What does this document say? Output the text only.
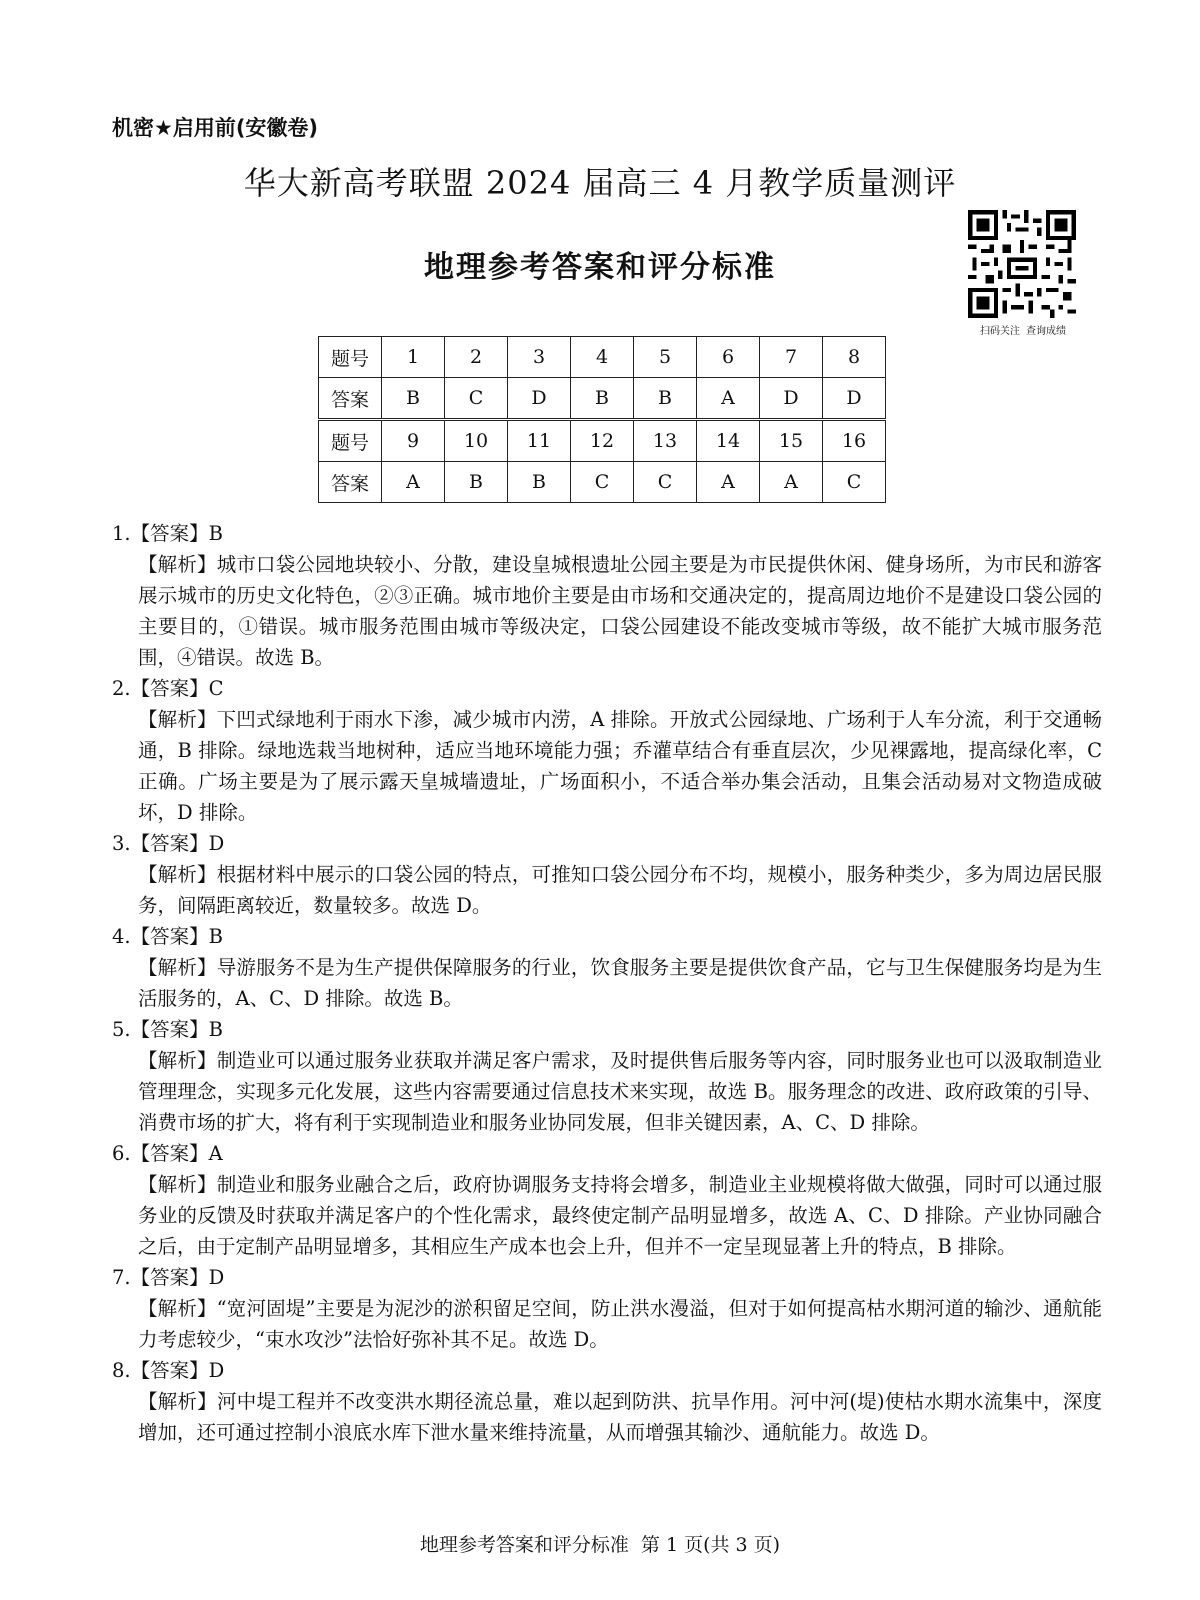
机密★启用前(安徽卷)
华大新高考联盟 2024 届高三 4 月教学质量测评
地理参考答案和评分标准
扫码关注 查询成绩
题号	1	2	3	4	5	6	7	8
答案	B	C	D	B	B	A	D	D
题号	9	10	11	12	13	14	15	16
答案	A	B	B	C	C	A	A	C
1.【答案】B
【解析】城市口袋公园地块较小、分散，建设皇城根遗址公园主要是为市民提供休闲、健身场所，为市民和游客展示城市的历史文化特色，②③正确。城市地价主要是由市场和交通决定的，提高周边地价不是建设口袋公园的主要目的，①错误。城市服务范围由城市等级决定，口袋公园建设不能改变城市等级，故不能扩大城市服务范围，④错误。故选 B。
2.【答案】C
【解析】下凹式绿地利于雨水下渗，减少城市内涝，A 排除。开放式公园绿地、广场利于人车分流，利于交通畅通，B 排除。绿地选栽当地树种，适应当地环境能力强；乔灌草结合有垂直层次，少见裸露地，提高绿化率，C 正确。广场主要是为了展示露天皇城墙遗址，广场面积小，不适合举办集会活动，且集会活动易对文物造成破坏，D 排除。
3.【答案】D
【解析】根据材料中展示的口袋公园的特点，可推知口袋公园分布不均，规模小，服务种类少，多为周边居民服务，间隔距离较近，数量较多。故选 D。
4.【答案】B
【解析】导游服务不是为生产提供保障服务的行业，饮食服务主要是提供饮食产品，它与卫生保健服务均是为生活服务的，A、C、D 排除。故选 B。
5.【答案】B
【解析】制造业可以通过服务业获取并满足客户需求，及时提供售后服务等内容，同时服务业也可以汲取制造业管理理念，实现多元化发展，这些内容需要通过信息技术来实现，故选 B。服务理念的改进、政府政策的引导、消费市场的扩大，将有利于实现制造业和服务业协同发展，但非关键因素，A、C、D 排除。
6.【答案】A
【解析】制造业和服务业融合之后，政府协调服务支持将会增多，制造业主业规模将做大做强，同时可以通过服务业的反馈及时获取并满足客户的个性化需求，最终使定制产品明显增多，故选 A、C、D 排除。产业协同融合之后，由于定制产品明显增多，其相应生产成本也会上升，但并不一定呈现显著上升的特点，B 排除。
7.【答案】D
【解析】“宽河固堤”主要是为泥沙的淤积留足空间，防止洪水漫溢，但对于如何提高枯水期河道的输沙、通航能力考虑较少，“束水攻沙”法恰好弥补其不足。故选 D。
8.【答案】D
【解析】河中堤工程并不改变洪水期径流总量，难以起到防洪、抗旱作用。河中河(堤)使枯水期水流集中，深度增加，还可通过控制小浪底水库下泄水量来维持流量，从而增强其输沙、通航能力。故选 D。
地理参考答案和评分标准 第 1 页(共 3 页)
